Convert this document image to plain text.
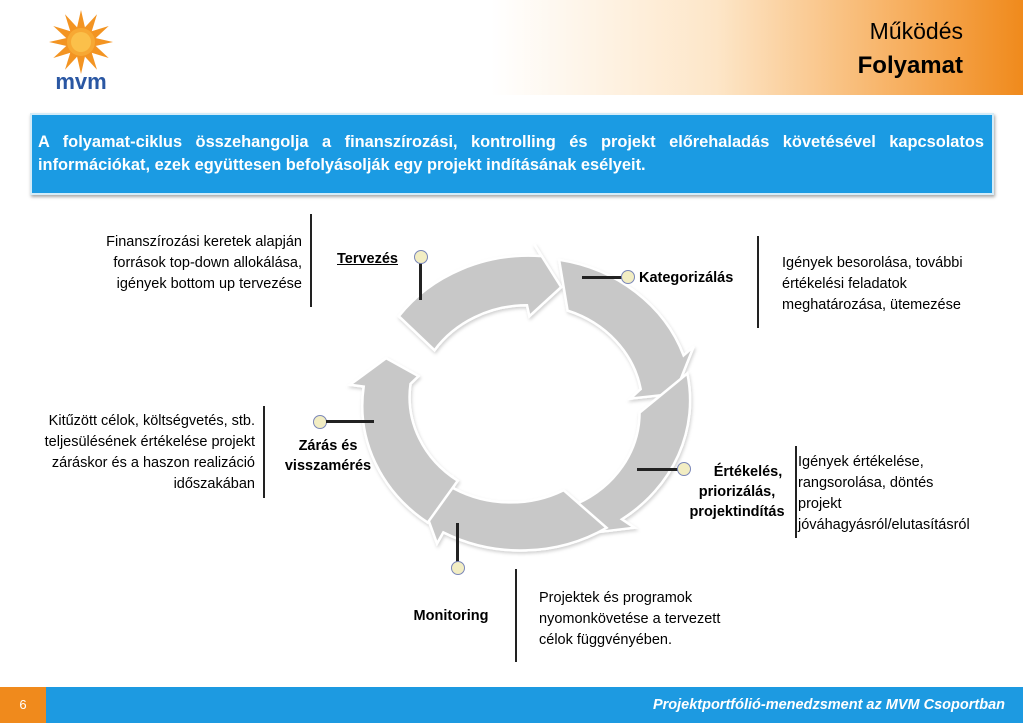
mvm
Működés
Folyamat
A folyamat-ciklus összehangolja a finanszírozási, kontrolling és projekt előrehaladás követésével kapcsolatos információkat, ezek együttesen befolyásolják egy projekt indításának esélyeit.
Finanszírozási keretek alapján
források top-down allokálása,
igények bottom up tervezése
Tervezés
Kategorizálás
Igények besorolása, további
értékelési feladatok
meghatározása, ütemezése
Kitűzött célok, költségvetés, stb.
teljesülésének értékelése projekt
záráskor és a haszon realizáció
időszakában
Zárás és
visszamérés	Értékelés,
priorizálás,
projektindítás
Igények értékelése,
rangsorolása, döntés
projekt
jóváhagyásról/elutasításról
Monitoring
Projektek és programok
nyomonkövetése a tervezett
célok függvényében.
6	Projektportfólió-menedzsment az MVM Csoportban
